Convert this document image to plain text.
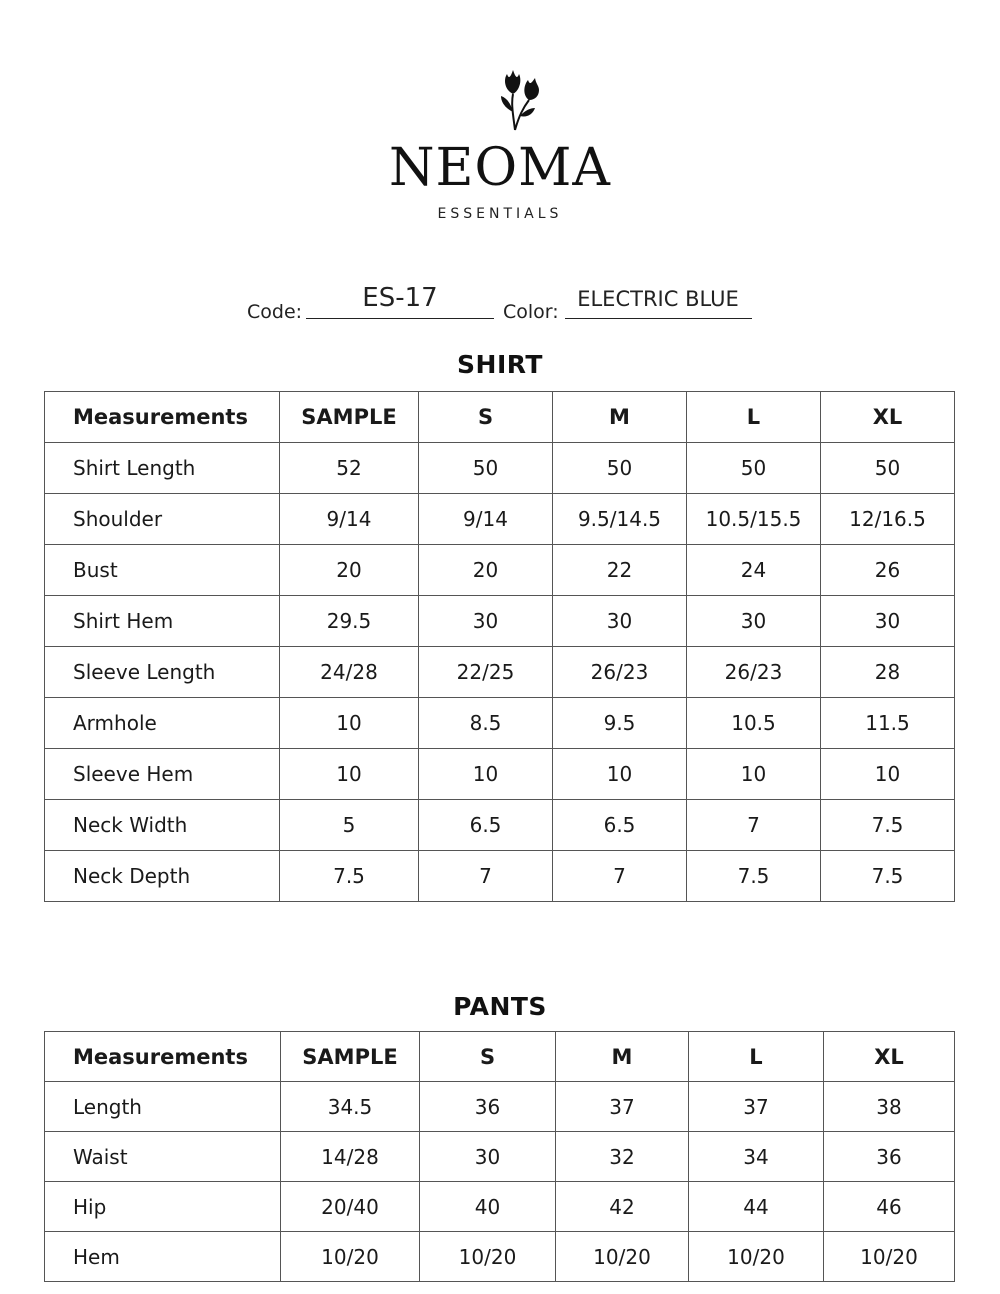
NEOMA
ESSENTIALS
Code:	ES-17	Color:
ELECTRIC BLUE
SHIRT
Measurements	SAMPLE	S	M	L	XL
Shirt Length	52	50	50	50	50
Shoulder	9/14	9/14	9.5/14.5	10.5/15.5	12/16.5
Bust	20	20	22	24	26
Shirt Hem	29.5	30	30	30	30
Sleeve Length	24/28	22/25	26/23	26/23	28
Armhole	10	8.5	9.5	10.5	11.5
Sleeve Hem	10	10	10	10	10
Neck Width	5	6.5	6.5	7	7.5
Neck Depth	7.5	7	7	7.5	7.5
PANTS
Measurements	SAMPLE	S	M	L	XL
Length	34.5	36	37	37	38
Waist	14/28	30	32	34	36
Hip	20/40	40	42	44	46
Hem	10/20	10/20	10/20	10/20	10/20
